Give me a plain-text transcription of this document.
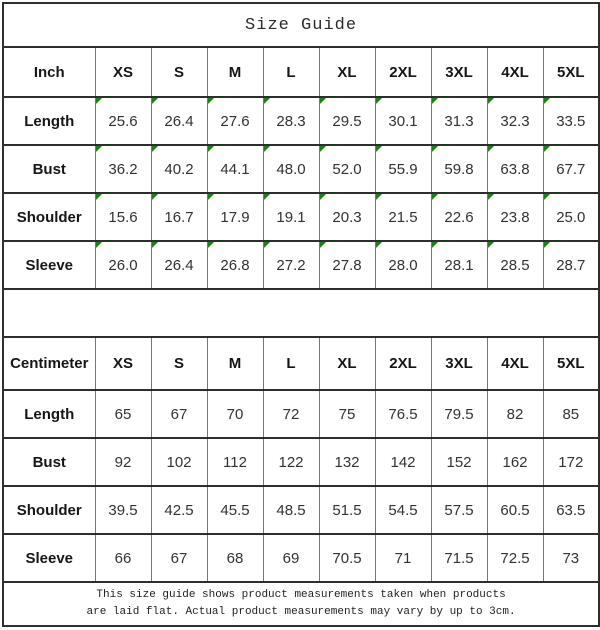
Size Guide									
Inch	XS	S	M	L	XL	2XL	3XL	4XL	5XL
Length	25.6	26.4	27.6	28.3	29.5	30.1	31.3	32.3	33.5
Bust	36.2	40.2	44.1	48.0	52.0	55.9	59.8	63.8	67.7
Shoulder	15.6	16.7	17.9	19.1	20.3	21.5	22.6	23.8	25.0
Sleeve	26.0	26.4	26.8	27.2	27.8	28.0	28.1	28.5	28.7

Centimeter	XS	S	M	L	XL	2XL	3XL	4XL	5XL
Length	65	67	70	72	75	76.5	79.5	82	85
Bust	92	102	112	122	132	142	152	162	172
Shoulder	39.5	42.5	45.5	48.5	51.5	54.5	57.5	60.5	63.5
Sleeve	66	67	68	69	70.5	71	71.5	72.5	73

This size guide shows product measurements taken when products
are laid flat. Actual product measurements may vary by up to 3cm.									
